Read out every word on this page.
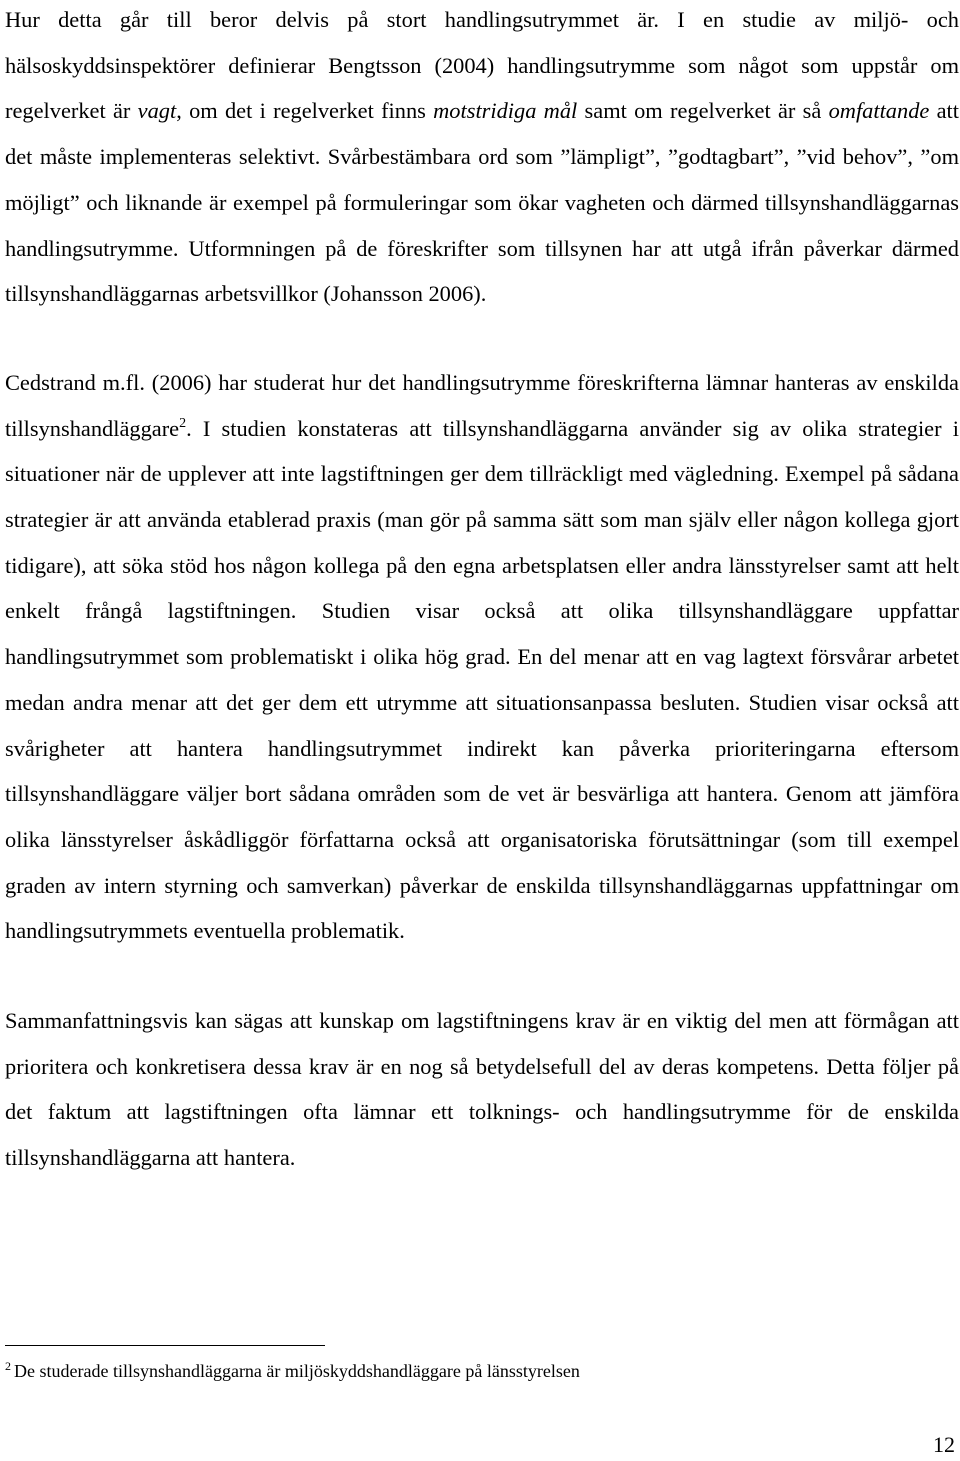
Hur detta går till beror delvis på stort handlingsutrymmet är. I en studie av miljö- och hälsoskyddsinspektörer definierar Bengtsson (2004) handlingsutrymme som något som uppstår om regelverket är vagt, om det i regelverket finns motstridiga mål samt om regelverket är så omfattande att det måste implementeras selektivt. Svårbestämbara ord som ”lämpligt”, ”godtagbart”, ”vid behov”, ”om möjligt” och liknande är exempel på formuleringar som ökar vagheten och därmed tillsynshandläggarnas handlingsutrymme. Utformningen på de föreskrifter som tillsynen har att utgå ifrån påverkar därmed tillsynshandläggarnas arbetsvillkor (Johansson 2006).

Cedstrand m.fl. (2006) har studerat hur det handlingsutrymme föreskrifterna lämnar hanteras av enskilda tillsynshandläggare$^2$. I studien konstateras att tillsynshandläggarna använder sig av olika strategier i situationer när de upplever att inte lagstiftningen ger dem tillräckligt med vägledning. Exempel på sådana strategier är att använda etablerad praxis (man gör på samma sätt som man själv eller någon kollega gjort tidigare), att söka stöd hos någon kollega på den egna arbetsplatsen eller andra länsstyrelser samt att helt enkelt frångå lagstiftningen. Studien visar också att olika tillsynshandläggare uppfattar handlingsutrymmet som problematiskt i olika hög grad. En del menar att en vag lagtext försvårar arbetet medan andra menar att det ger dem ett utrymme att situationsanpassa besluten. Studien visar också att svårigheter att hantera handlingsutrymmet indirekt kan påverka prioriteringarna eftersom tillsynshandläggare väljer bort sådana områden som de vet är besvärliga att hantera. Genom att jämföra olika länsstyrelser åskådliggör författarna också att organisatoriska förutsättningar (som till exempel graden av intern styrning och samverkan) påverkar de enskilda tillsynshandläggarnas uppfattningar om handlingsutrymmets eventuella problematik.

Sammanfattningsvis kan sägas att kunskap om lagstiftningens krav är en viktig del men att förmågan att prioritera och konkretisera dessa krav är en nog så betydelsefull del av deras kompetens. Detta följer på det faktum att lagstiftningen ofta lämnar ett tolknings- och handlingsutrymme för de enskilda tillsynshandläggarna att hantera.

$^2$ De studerade tillsynshandläggarna är miljöskyddshandläggare på länsstyrelsen
12
